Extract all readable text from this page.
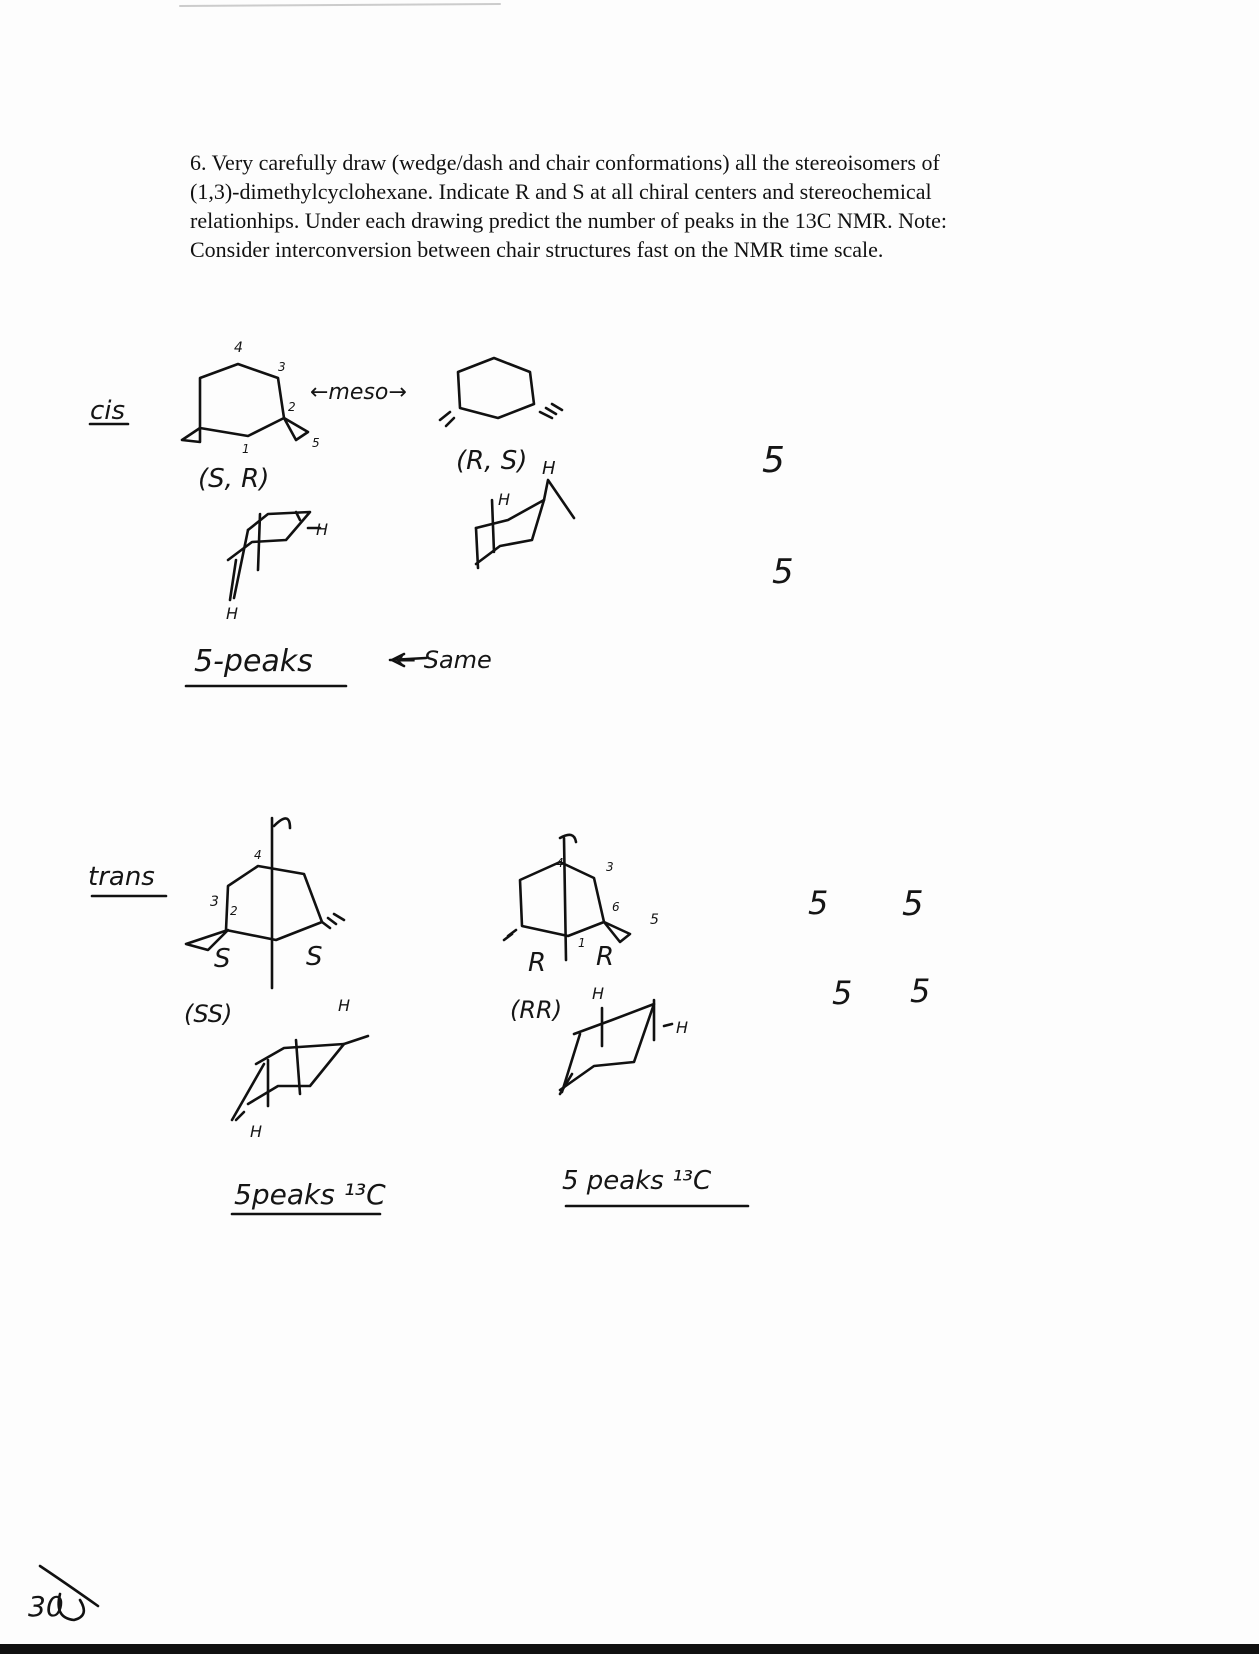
6. Very carefully draw (wedge/dash and chair conformations) all the stereoisomers of

(1,3)-dimethylcyclohexane. Indicate R and S at all chiral centers and stereochemical

relationhips. Under each drawing predict the number of peaks in the 13C NMR. Note:

Consider interconversion between chair structures fast on the NMR time scale.

cis
←meso→
4
3
2
1	5
(S, R)
(R, S) H
H
H
H
5
5
5-peaks	← Same
trans
4
3
2
S	S
(SS)	H
H
4	3
6
1
5
R R
(RR)
H
H
5 5
5 5
5peaks ¹³C	5 peaks ¹³C
30
